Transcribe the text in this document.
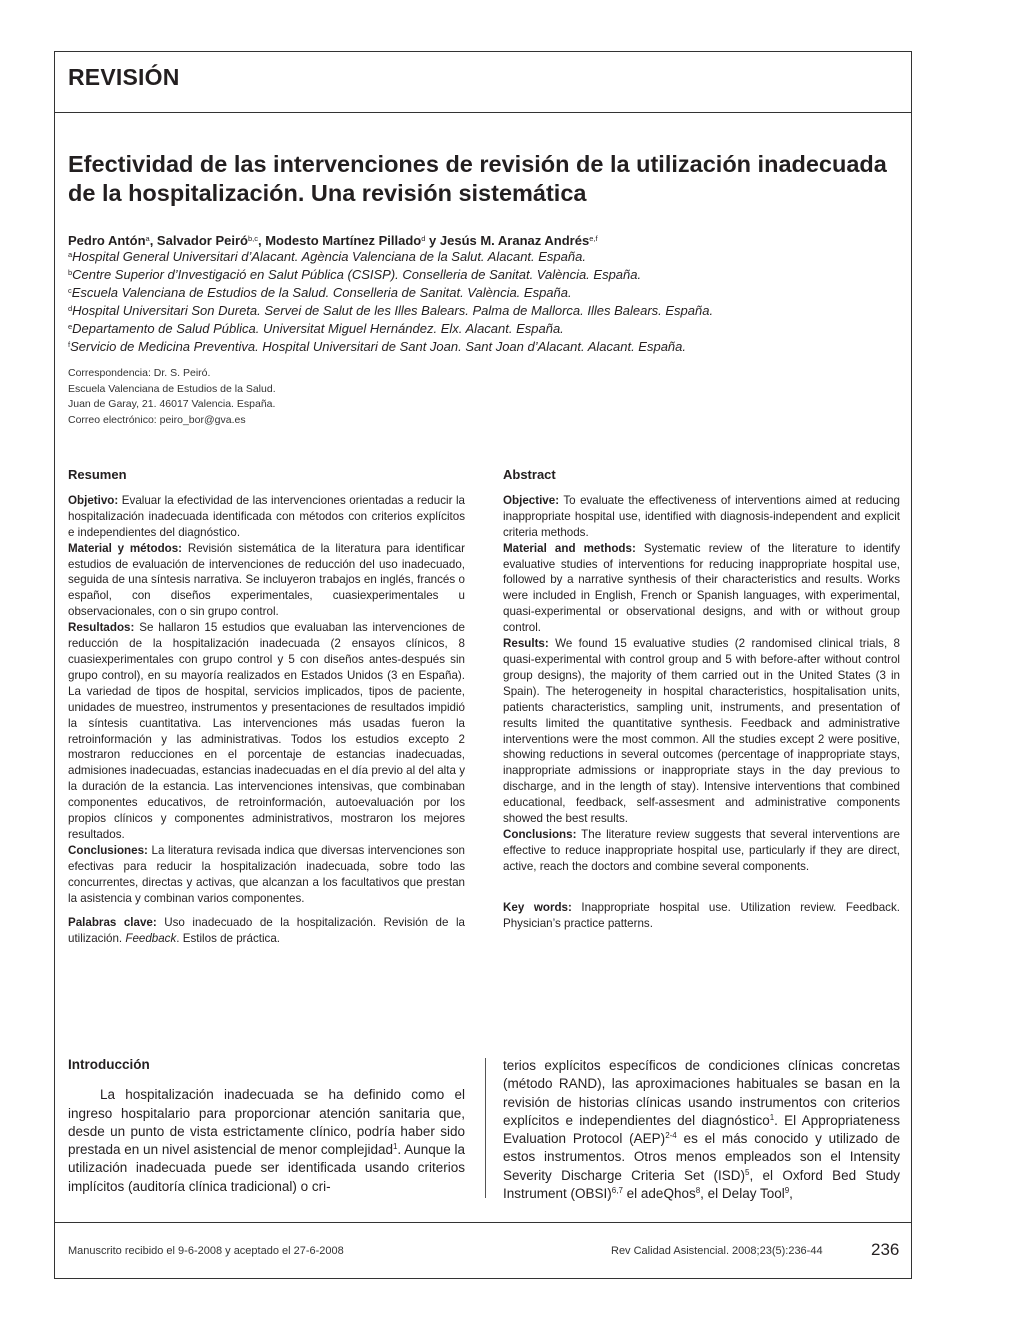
REVISIÓN
Efectividad de las intervenciones de revisión de la utilización inadecuada de la hospitalización. Una revisión sistemática
Pedro Antón$^a$, Salvador Peiró$^{b,c}$, Modesto Martínez Pillado$^d$ y Jesús M. Aranaz Andrés$^{e,f}$
$^a$Hospital General Universitari d’Alacant. Agència Valenciana de la Salut. Alacant. España.
$^b$Centre Superior d’Investigació en Salut Pública (CSISP). Conselleria de Sanitat. València. España.
$^c$Escuela Valenciana de Estudios de la Salud. Conselleria de Sanitat. València. España.
$^d$Hospital Universitari Son Dureta. Servei de Salut de les Illes Balears. Palma de Mallorca. Illes Balears. España.
$^e$Departamento de Salud Pública. Universitat Miguel Hernández. Elx. Alacant. España.
$^f$Servicio de Medicina Preventiva. Hospital Universitari de Sant Joan. Sant Joan d’Alacant. Alacant. España.
Correspondencia: Dr. S. Peiró.
Escuela Valenciana de Estudios de la Salud.
Juan de Garay, 21. 46017 Valencia. España.
Correo electrónico: peiro_bor@gva.es
Resumen

Objetivo: Evaluar la efectividad de las intervenciones orientadas a reducir la hospitalización inadecuada identificada con métodos con criterios explícitos e independientes del diagnóstico.

Material y métodos: Revisión sistemática de la literatura para identificar estudios de evaluación de intervenciones de reducción del uso inadecuado, seguida de una síntesis narrativa. Se incluyeron trabajos en inglés, francés o español, con diseños experimentales, cuasiexperimentales u observacionales, con o sin grupo control.

Resultados: Se hallaron 15 estudios que evaluaban las intervenciones de reducción de la hospitalización inadecuada (2 ensayos clínicos, 8 cuasiexperimentales con grupo control y 5 con diseños antes-después sin grupo control), en su mayoría realizados en Estados Unidos (3 en España). La variedad de tipos de hospital, servicios implicados, tipos de paciente, unidades de muestreo, instrumentos y presentaciones de resultados impidió la síntesis cuantitativa. Las intervenciones más usadas fueron la retroinformación y las administrativas. Todos los estudios excepto 2 mostraron reducciones en el porcentaje de estancias inadecuadas, admisiones inadecuadas, estancias inadecuadas en el día previo al del alta y la duración de la estancia. Las intervenciones intensivas, que combinaban componentes educativos, de retroinformación, autoevaluación por los propios clínicos y componentes administrativos, mostraron los mejores resultados.

Conclusiones: La literatura revisada indica que diversas intervenciones son efectivas para reducir la hospitalización inadecuada, sobre todo las concurrentes, directas y activas, que alcanzan a los facultativos que prestan la asistencia y combinan varios componentes.

Palabras clave: Uso inadecuado de la hospitalización. Revisión de la utilización. Feedback. Estilos de práctica.

Abstract

Objective: To evaluate the effectiveness of interventions aimed at reducing inappropriate hospital use, identified with diagnosis-independent and explicit criteria methods.

Material and methods: Systematic review of the literature to identify evaluative studies of interventions for reducing inappropriate hospital use, followed by a narrative synthesis of their characteristics and results. Works were included in English, French or Spanish languages, with experimental, quasi-experimental or observational designs, and with or without group control.

Results: We found 15 evaluative studies (2 randomised clinical trials, 8 quasi-experimental with control group and 5 with before-after without control group designs), the majority of them carried out in the United States (3 in Spain). The heterogeneity in hospital characteristics, hospitalisation units, patients characteristics, sampling unit, instruments, and presentation of results limited the quantitative synthesis. Feedback and administrative interventions were the most common. All the studies except 2 were positive, showing reductions in several outcomes (percentage of inappropriate stays, inappropriate admissions or inappropriate stays in the day previous to discharge, and in the length of stay). Intensive interventions that combined educational, feedback, self-assesment and administrative components showed the best results.

Conclusions: The literature review suggests that several interventions are effective to reduce inappropriate hospital use, particularly if they are direct, active, reach the doctors and combine several components.

Key words: Inappropriate hospital use. Utilization review. Feedback. Physician’s practice patterns.

Introducción

La hospitalización inadecuada se ha definido como el ingreso hospitalario para proporcionar atención sanitaria que, desde un punto de vista estrictamente clínico, podría haber sido prestada en un nivel asistencial de menor complejidad$^1$. Aunque la utilización inadecuada puede ser identificada usando criterios implícitos (auditoría clínica tradicional) o cri-

terios explícitos específicos de condiciones clínicas concretas (método RAND), las aproximaciones habituales se basan en la revisión de historias clínicas usando instrumentos con criterios explícitos e independientes del diagnóstico$^1$. El Appropriateness Evaluation Protocol (AEP)$^{2-4}$ es el más conocido y utilizado de estos instrumentos. Otros menos empleados son el Intensity Severity Discharge Criteria Set (ISD)$^5$, el Oxford Bed Study Instrument (OBSI)$^{6,7}$ el adeQhos$^8$, el Delay Tool$^9$,

Manuscrito recibido el 9-6-2008 y aceptado el 27-6-2008	Rev Calidad Asistencial. 2008;23(5):236-44	236
